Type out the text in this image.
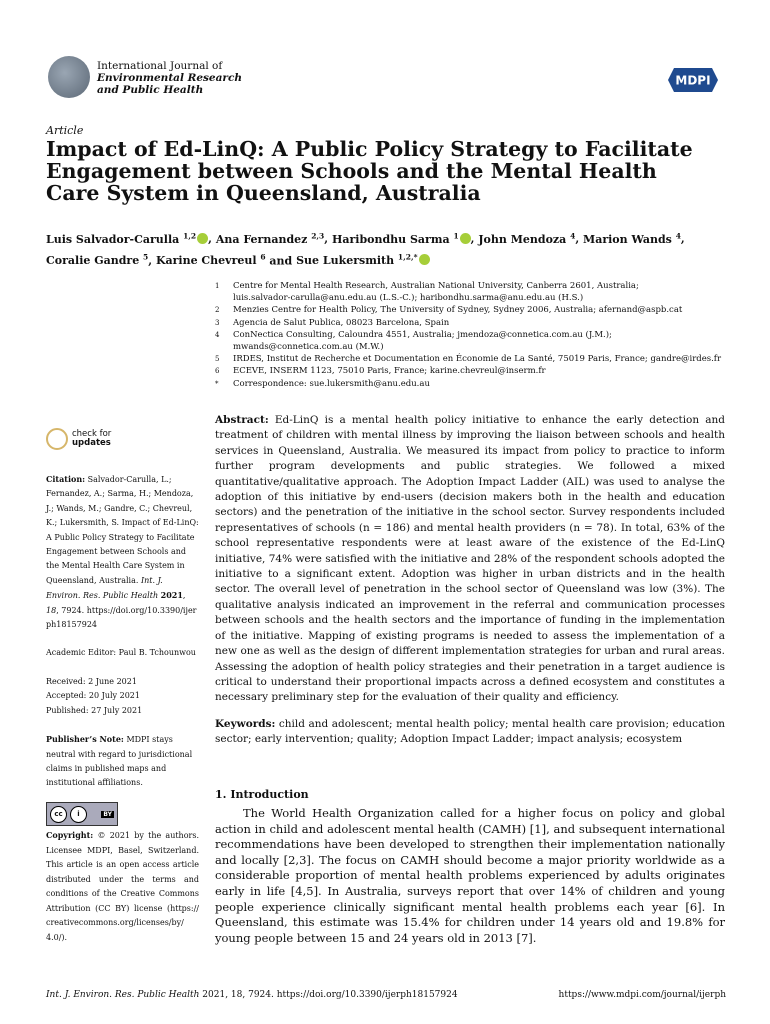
International Journal of
Environmental Research
and Public Health
MDPI
Article
Impact of Ed-LinQ: A Public Policy Strategy to Facilitate Engagement between Schools and the Mental Health Care System in Queensland, Australia
Luis Salvador-Carulla $^{1,2}$ , Ana Fernandez $^{2,3}$, Haribondhu Sarma $^1$ , John Mendoza $^4$, Marion Wands $^4$,
Coralie Gandre $^5$, Karine Chevreul $^6$ and Sue Lukersmith $^{1,2,*}$
1	Centre for Mental Health Research, Australian National University, Canberra 2601, Australia;
luis.salvador-carulla@anu.edu.au (L.S.-C.); haribondhu.sarma@anu.edu.au (H.S.)
2	Menzies Centre for Health Policy, The University of Sydney, Sydney 2006, Australia; afernand@aspb.cat
3	Agencia de Salut Publica, 08023 Barcelona, Spain
4	ConNectica Consulting, Caloundra 4551, Australia; jmendoza@connetica.com.au (J.M.);
mwands@connetica.com.au (M.W.)
5	IRDES, Institut de Recherche et Documentation en Économie de La Santé, 75019 Paris, France; gandre@irdes.fr
6	ECEVE, INSERM 1123, 75010 Paris, France; karine.chevreul@inserm.fr
*	Correspondence: sue.lukersmith@anu.edu.au
check for
updates
Citation: Salvador-Carulla, L.; Fernandez, A.; Sarma, H.; Mendoza, J.; Wands, M.; Gandre, C.; Chevreul, K.; Lukersmith, S. Impact of Ed-LinQ: A Public Policy Strategy to Facilitate Engagement between Schools and the Mental Health Care System in Queensland, Australia. Int. J. Environ. Res. Public Health 2021, 18, 7924. https://doi.org/10.3390/ijerph18157924
Academic Editor: Paul B. Tchounwou
Received: 2 June 2021
Accepted: 20 July 2021
Published: 27 July 2021
Publisher’s Note: MDPI stays neutral with regard to jurisdictional claims in published maps and institutional affiliations.
cc	i	BY
Copyright: © 2021 by the authors. Licensee MDPI, Basel, Switzerland. This article is an open access article distributed under the terms and conditions of the Creative Commons Attribution (CC BY) license (https:// creativecommons.org/licenses/by/ 4.0/).
Abstract: Ed-LinQ is a mental health policy initiative to enhance the early detection and treatment of children with mental illness by improving the liaison between schools and health services in Queensland, Australia. We measured its impact from policy to practice to inform further program developments and public strategies. We followed a mixed quantitative/qualitative approach. The Adoption Impact Ladder (AIL) was used to analyse the adoption of this initiative by end-users (decision makers both in the health and education sectors) and the penetration of the initiative in the school sector. Survey respondents included representatives of schools (n = 186) and mental health providers (n = 78). In total, 63% of the school representative respondents were at least aware of the existence of the Ed-LinQ initiative, 74% were satisfied with the initiative and 28% of the respondent schools adopted the initiative to a significant extent. Adoption was higher in urban districts and in the health sector. The overall level of penetration in the school sector of Queensland was low (3%). The qualitative analysis indicated an improvement in the referral and communication processes between schools and the health sectors and the importance of funding in the implementation of the initiative. Mapping of existing programs is needed to assess the implementation of a new one as well as the design of different implementation strategies for urban and rural areas. Assessing the adoption of health policy strategies and their penetration in a target audience is critical to understand their proportional impacts across a defined ecosystem and constitutes a necessary preliminary step for the evaluation of their quality and efficiency.
Keywords: child and adolescent; mental health policy; mental health care provision; education sector; early intervention; quality; Adoption Impact Ladder; impact analysis; ecosystem
1. Introduction
The World Health Organization called for a higher focus on policy and global action in child and adolescent mental health (CAMH) [1], and subsequent international recommendations have been developed to strengthen their implementation nationally and locally [2,3]. The focus on CAMH should become a major priority worldwide as a considerable proportion of mental health problems experienced by adults originates early in life [4,5]. In Australia, surveys report that over 14% of children and young people experience clinically significant mental health problems each year [6]. In Queensland, this estimate was 15.4% for children under 14 years old and 19.8% for young people between 15 and 24 years old in 2013 [7].
Int. J. Environ. Res. Public Health 2021, 18, 7924. https://doi.org/10.3390/ijerph18157924	https://www.mdpi.com/journal/ijerph
